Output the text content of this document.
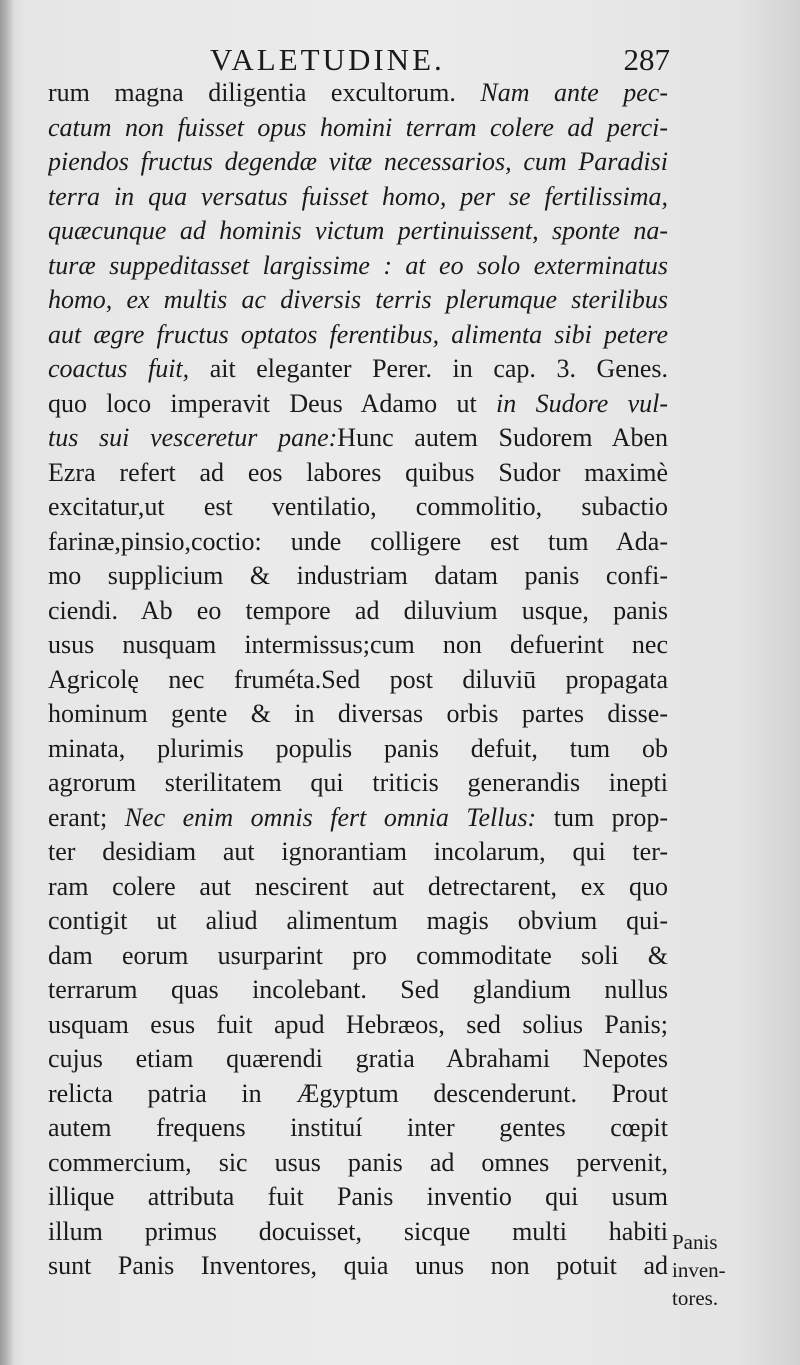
VALETUDINE.	287
rum magna diligentia excultorum. Nam ante pec-
catum non fuisset opus homini terram colere ad perci-
piendos fructus degendæ vitæ necessarios, cum Paradisi
terra in qua versatus fuisset homo, per se fertilissima,
quæcunque ad hominis victum pertinuissent, sponte na-
turæ suppeditasset largissime : at eo solo exterminatus
homo, ex multis ac diversis terris plerumque sterilibus
aut ægre fructus optatos ferentibus, alimenta sibi petere
coactus fuit, ait eleganter Perer. in cap. 3. Genes.
quo loco imperavit Deus Adamo ut in Sudore vul-
tus sui vesceretur pane:Hunc autem Sudorem Aben
Ezra refert ad eos labores quibus Sudor maximè
excitatur,ut est ventilatio, commolitio, subactio
farinæ,pinsio,coctio: unde colligere est tum Ada-
mo supplicium & industriam datam panis confi-
ciendi. Ab eo tempore ad diluvium usque, panis
usus nusquam intermissus;cum non defuerint nec
Agricolę nec fruméta.Sed post diluviū propagata
hominum gente & in diversas orbis partes disse-
minata, plurimis populis panis defuit, tum ob
agrorum sterilitatem qui triticis generandis inepti
erant; Nec enim omnis fert omnia Tellus: tum prop-
ter desidiam aut ignorantiam incolarum, qui ter-
ram colere aut nescirent aut detrectarent, ex quo
contigit ut aliud alimentum magis obvium qui-
dam eorum usurparint pro commoditate soli &
terrarum quas incolebant. Sed glandium nullus
usquam esus fuit apud Hebræos, sed solius Panis;
cujus etiam quærendi gratia Abrahami Nepotes
relicta patria in Ægyptum descenderunt. Prout
autem frequens instituí inter gentes cœpit
commercium, sic usus panis ad omnes pervenit,
illique attributa fuit Panis inventio qui usum
illum primus docuisset, sicque multi habiti
sunt Panis Inventores, quia unus non potuit ad
Panis
inven-
tores.
